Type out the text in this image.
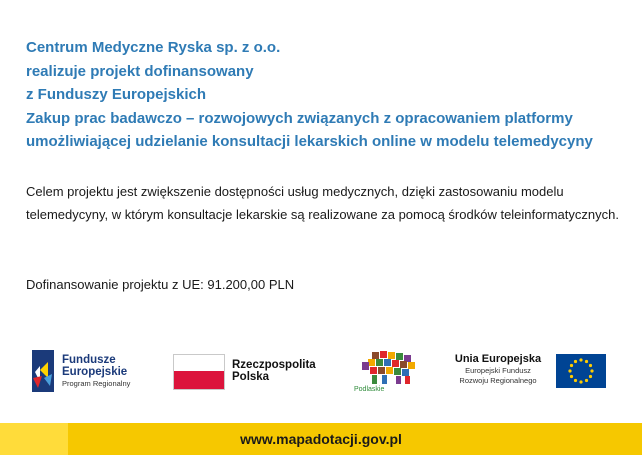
Centrum Medyczne Ryska sp. z o.o.
realizuje projekt dofinansowany
z Funduszy Europejskich
Zakup prac badawczo – rozwojowych związanych z opracowaniem platformy
umożliwiającej udzielanie konsultacji lekarskich online w modelu telemedycyny
Celem projektu jest zwiększenie dostępności usług medycznych, dzięki zastosowaniu modelu telemedycyny, w którym konsultacje lekarskie są realizowane za pomocą środków teleinformatycznych.
Dofinansowanie projektu z UE: 91.200,00 PLN
Fundusze
Europejskie
Program Regionalny
Rzeczpospolita
Polska
Podlaskie
Unia Europejska
Europejski Fundusz
Rozwoju Regionalnego
www.mapadotacji.gov.pl
